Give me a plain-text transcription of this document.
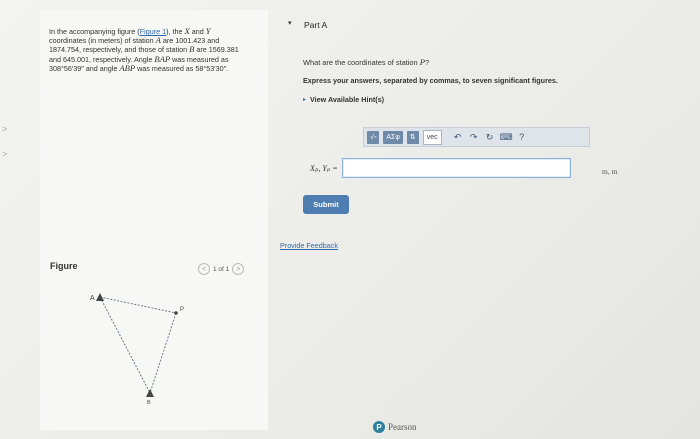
>
>
In the accompanying figure (Figure 1), the X and Y coordinates (in meters) of station A are 1001.423 and 1874.754, respectively, and those of station B are 1569.381 and 645.001, respectively. Angle BAP was measured as 308°56′39″ and angle ABP was measured as 58°53′30″.
Figure	<	1 of 1 >
A
B
P
▾ Part A
What are the coordinates of station P?
Express your answers, separated by commas, to seven significant figures.
▸ View Available Hint(s)
√▫	ΑΣφ	⇅	vec	↶ ↷ ↻ ⌨ ?
Xₚ, Yₚ =	m, m
Submit
Provide Feedback
P Pearson
